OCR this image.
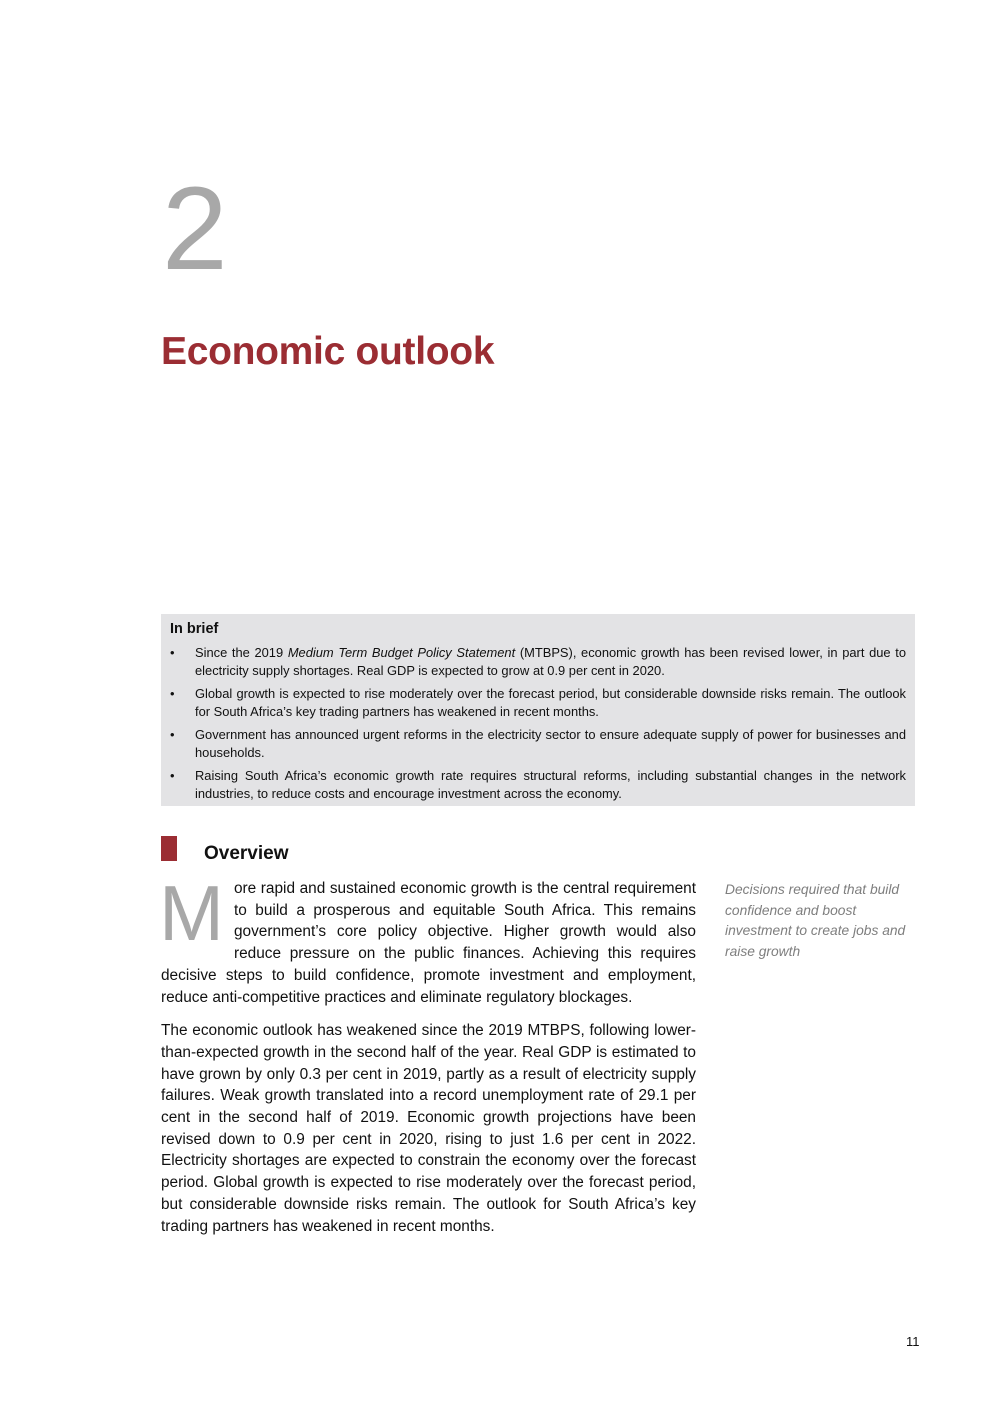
2
Economic outlook
In brief
• Since the 2019 Medium Term Budget Policy Statement (MTBPS), economic growth has been revised lower, in part due to electricity supply shortages. Real GDP is expected to grow at 0.9 per cent in 2020.
• Global growth is expected to rise moderately over the forecast period, but considerable downside risks remain. The outlook for South Africa’s key trading partners has weakened in recent months.
• Government has announced urgent reforms in the electricity sector to ensure adequate supply of power for businesses and households.
• Raising South Africa’s economic growth rate requires structural reforms, including substantial changes in the network industries, to reduce costs and encourage investment across the economy.
Overview

More rapid and sustained economic growth is the central requirement to build a prosperous and equitable South Africa. This remains government’s core policy objective. Higher growth would also reduce pressure on the public finances. Achieving this requires decisive steps to build confidence, promote investment and employment, reduce anti-competitive practices and eliminate regulatory blockages.

The economic outlook has weakened since the 2019 MTBPS, following lower-than-expected growth in the second half of the year. Real GDP is estimated to have grown by only 0.3 per cent in 2019, partly as a result of electricity supply failures. Weak growth translated into a record unemployment rate of 29.1 per cent in the second half of 2019. Economic growth projections have been revised down to 0.9 per cent in 2020, rising to just 1.6 per cent in 2022. Electricity shortages are expected to constrain the economy over the forecast period. Global growth is expected to rise moderately over the forecast period, but considerable downside risks remain. The outlook for South Africa’s key trading partners has weakened in recent months.

Decisions required that build confidence and boost investment to create jobs and raise growth
11
